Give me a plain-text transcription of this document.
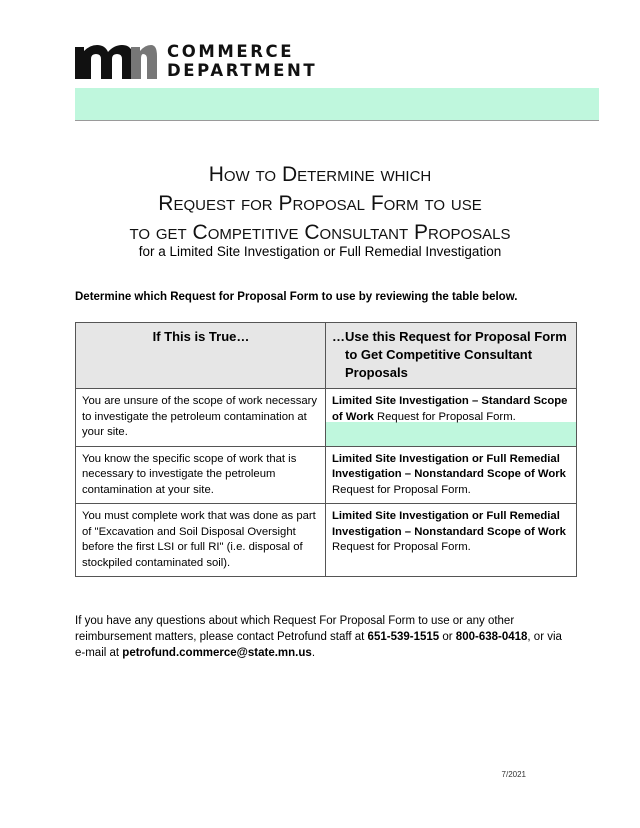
COMMERCE
DEPARTMENT
How to Determine which
Request for Proposal Form to use
to get Competitive Consultant Proposals
for a Limited Site Investigation or Full Remedial Investigation
Determine which Request for Proposal Form to use by reviewing the table below.
If This is True…	…Use this Request for Proposal Form
to Get Competitive Consultant Proposals

You are unsure of the scope of work necessary to investigate the petroleum contamination at your site.	Limited Site Investigation – Standard Scope of Work Request for Proposal Form.

You know the specific scope of work that is necessary to investigate the petroleum contamination at your site.	Limited Site Investigation or Full Remedial Investigation – Nonstandard Scope of Work Request for Proposal Form.
You must complete work that was done as part of "Excavation and Soil Disposal Oversight before the first LSI or full RI" (i.e. disposal of stockpiled contaminated soil).	Limited Site Investigation or Full Remedial Investigation – Nonstandard Scope of Work Request for Proposal Form.
If you have any questions about which Request For Proposal Form to use or any other reimbursement matters, please contact Petrofund staff at 651-539-1515 or 800-638-0418, or via e-mail at petrofund.commerce@state.mn.us.
7/2021
